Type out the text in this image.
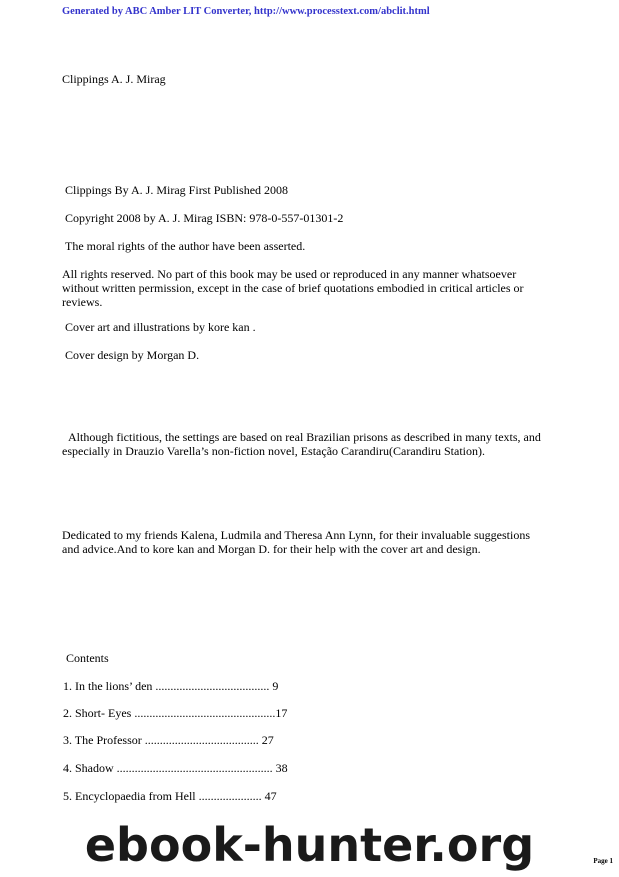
Generated by ABC Amber LIT Converter, http://www.processtext.com/abclit.html
Clippings A. J. Mirag
Clippings By A. J. Mirag First Published 2008
Copyright 2008 by A. J. Mirag ISBN: 978-0-557-01301-2
The moral rights of the author have been asserted.
All rights reserved. No part of this book may be used or reproduced in any manner whatsoever without written permission, except in the case of brief quotations embodied in critical articles or reviews.
Cover art and illustrations by kore kan .
Cover design by Morgan D.
Although fictitious, the settings are based on real Brazilian prisons as described in many texts, and especially in Drauzio Varella’s non-fiction novel, Estação Carandiru(Carandiru Station).
Dedicated to my friends Kalena, Ludmila and Theresa Ann Lynn, for their invaluable suggestions and advice.And to kore kan and Morgan D. for their help with the cover art and design.
Contents
1. In the lions’ den ...................................... 9
2. Short- Eyes ...............................................17
3. The Professor ...................................... 27
4. Shadow .................................................... 38
5. Encyclopaedia from Hell ..................... 47
ebook-hunter.org	Page 1
